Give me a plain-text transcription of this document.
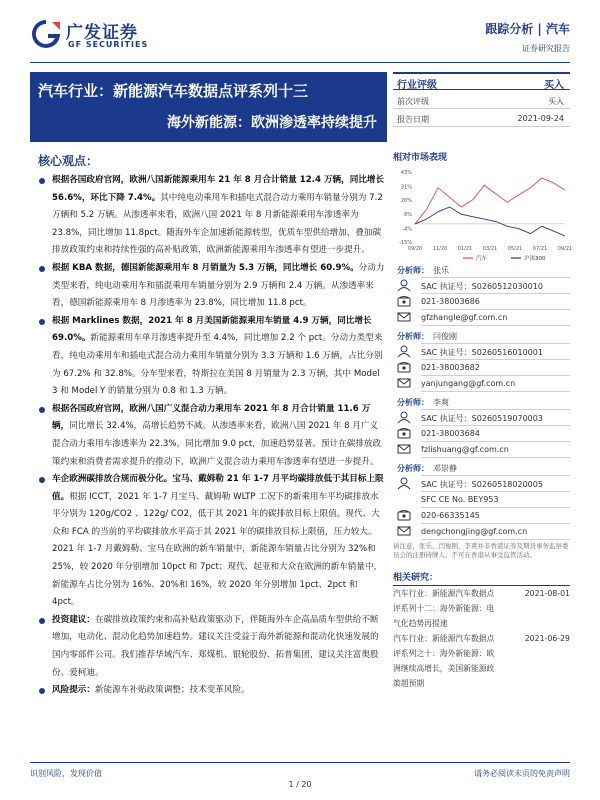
广发证券
GF SECURITIES
跟踪分析 | 汽车
证券研究报告
汽车行业：新能源汽车数据点评系列十三
海外新能源：欧洲渗透率持续提升
行业评级	买入
前次评级	买入
报告日期	2021-09-24
核心观点：
根据各国政府官网，欧洲八国新能源乘用车 21 年 8 月合计销量 12.4 万辆，同比增长 56.6%，环比下降 7.4%。其中纯电动乘用车和插电式混合动力乘用车销量分别为 7.2 万辆和 5.2 万辆。从渗透率来看，欧洲八国 2021 年 8 月新能源乘用车渗透率为 23.8%，同比增加 11.8pct。随海外车企加速新能源转型，优质车型供给增加，叠加碳排放政策约束和持续性强的高补贴政策，欧洲新能源乘用车渗透率有望进一步提升。
根据 KBA 数据，德国新能源乘用车 8 月销量为 5.3 万辆，同比增长 60.9%。分动力类型来看，纯电动乘用车和插混乘用车销量分别为 2.9 万辆和 2.4 万辆。从渗透率来看，德国新能源乘用车 8 月渗透率为 23.8%，同比增加 11.8 pct。
根据 Marklines 数据，2021 年 8 月美国新能源乘用车销量 4.9 万辆，同比增长 69.0%。新能源乘用车单月渗透率提升至 4.4%，同比增加 2.2 个 pct。分动力类型来看，纯电动乘用车和插电式混合动力乘用车销量分别为 3.3 万辆和 1.6 万辆，占比分别为 67.2% 和 32.8%。分车型来看，特斯拉在美国 8 月销量为 2.3 万辆，其中 Model 3 和 Model Y 的销量分别为 0.8 和 1.3 万辆。
根据各国政府官网，欧洲八国广义混合动力乘用车 2021 年 8 月合计销量 11.6 万辆，同比增长 32.4%，高增长趋势不减。从渗透率来看，欧洲八国 2021 年 8 月广义混合动力乘用车渗透率为 22.3%，同比增加 9.0 pct，加速趋势显著。预计在碳排放政策约束和消费者需求提升的推动下，欧洲广义混合动力乘用车渗透率有望进一步提升。
车企欧洲碳排放合规而极分化。宝马、戴姆勒 21 年 1-7 月平均碳排放低于其目标上限值。根据 ICCT，2021 年 1-7 月宝马、戴姆勒 WLTP 工况下的新乘用车平均碳排放水平分别为 120g/CO2 、122g/ CO2，低于其 2021 年的碳排放目标上限值。现代、大众和 FCA 的当前的平均碳排放水平高于其 2021 年的碳排放目标上限值，压力较大。2021 年 1-7 月戴姆勒、宝马在欧洲的新车销量中，新能源车销量占比分别为 32%和 25%，较 2020 年分别增加 10pct 和 7pct；现代、起亚和大众在欧洲的新车销量中，新能源车占比分别为 16%、20%和 16%，较 2020 年分别增加 1pct、2pct 和 4pct。
投资建议：在碳排放政策约束和高补贴政策驱动下，伴随海外车企高品质车型供给不断增加，电动化、混动化趋势加速趋势。建议关注受益于海外新能源和混动化快速发展的国内零部件公司。我们推荐华域汽车、郑煤机、银轮股份、拓普集团，建议关注富奥股份、爱柯迪。
风险提示：新能源车补贴政策调整；技术变革风险。
相对市场表现
43%
31%
20%
8%
-4%
-15%
09/20 11/20 01/21 03/21 05/21 07/21 09/21
汽车	沪深300
分析师： 张乐
SAC 执证号：S0260512030010
021-38003686
gfzhangle@gf.com.cn
分析师： 闫俊刚
SAC 执证号：S0260516010001
021-38003682
yanjungang@gf.com.cn
分析师： 李爽
SAC 执证号：S0260519070003
021-38003684
fzlishuang@gf.com.cn
分析师： 邓崇静
SAC 执证号：S0260518020005
SFC CE No. BEY953
020-66335145
dengchongjing@gf.com.cn
请注意，张乐、闫俊刚、李爽并非香港证券及期货事务监察委员会的注册持牌人，不可在香港从事受监管活动。
相关研究：
汽车行业：新能源汽车数据点	2021-08-01
评系列十二：海外新能源：电
气化趋势再提速
汽车行业：新能源汽车数据点	2021-06-29
评系列之十：海外新能源：欧
洲继续高增长，美国新能源政
策超预期
识别风险，发现价值	请务必阅读末页的免责声明
1 / 20
